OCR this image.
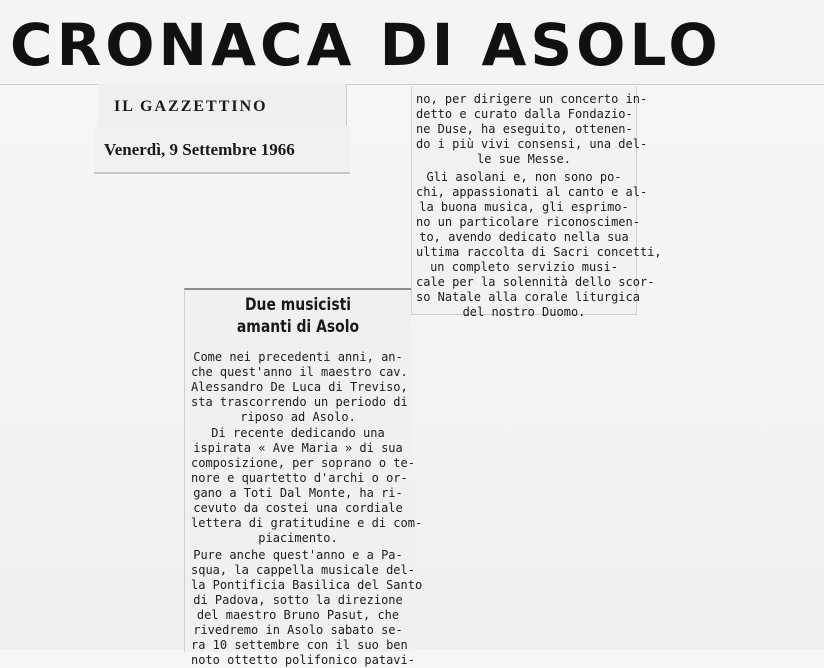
CRONACA DI ASOLO
IL GAZZETTINO
Venerdì, 9 Settembre 1966
no, per dirigere un concerto in-
detto e curato dalla Fondazio-
ne Duse, ha eseguito, ottenen-
do i più vivi consensi, una del-
le sue Messe.
Gli asolani e, non sono po-
chi, appassionati al canto e al-
la buona musica, gli esprimo-
no un particolare riconoscimen-
to, avendo dedicato nella sua
ultima raccolta di Sacri concetti,
un completo servizio musi-
cale per la solennità dello scor-
so Natale alla corale liturgica
del nostro Duomo.
Due musicisti
amanti di Asolo
Come nei precedenti anni, an-
che quest'anno il maestro cav.
Alessandro De Luca di Treviso,
sta trascorrendo un periodo di
riposo ad Asolo.
Di recente dedicando una
ispirata « Ave Maria » di sua
composizione, per soprano o te-
nore e quartetto d'archi o or-
gano a Toti Dal Monte, ha ri-
cevuto da costei una cordiale
lettera di gratitudine e di com-
piacimento.
Pure anche quest'anno e a Pa-
squa, la cappella musicale del-
la Pontificia Basilica del Santo
di Padova, sotto la direzione
del maestro Bruno Pasut, che
rivedremo in Asolo sabato se-
ra 10 settembre con il suo ben
noto ottetto polifonico patavi-
